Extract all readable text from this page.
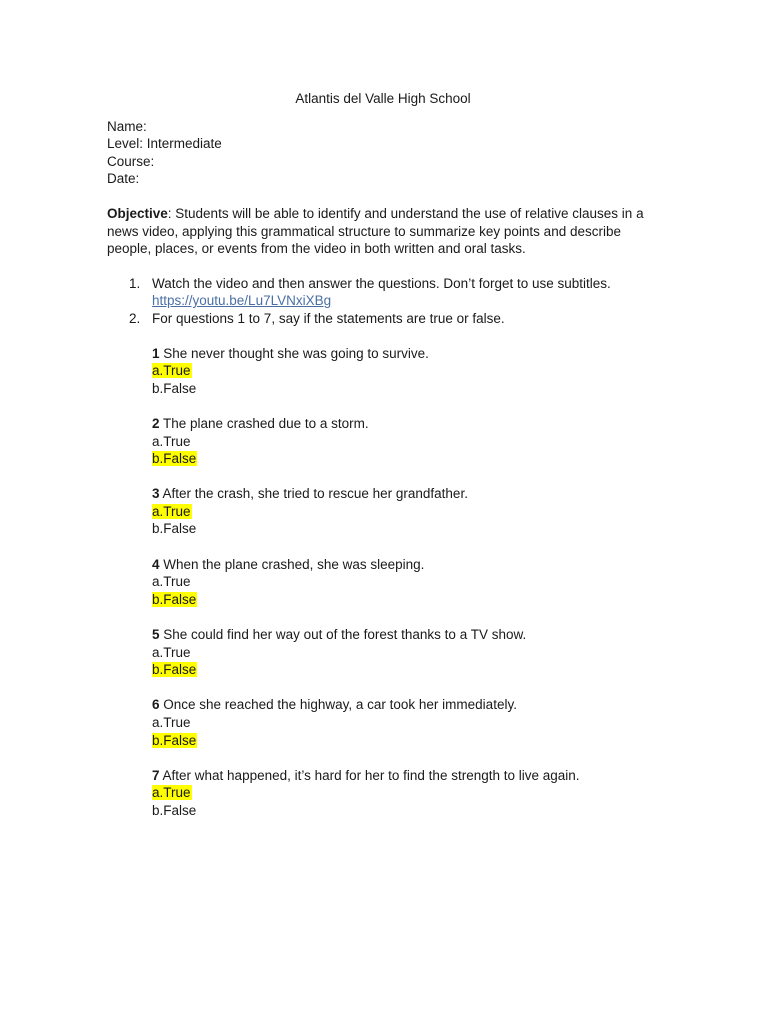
Atlantis del Valle High School
Name:
Level: Intermediate
Course:
Date:
Objective: Students will be able to identify and understand the use of relative clauses in a news video, applying this grammatical structure to summarize key points and describe people, places, or events from the video in both written and oral tasks.
1. Watch the video and then answer the questions. Don’t forget to use subtitles.
https://youtu.be/Lu7LVNxiXBg
2. For questions 1 to 7, say if the statements are true or false.
1 She never thought she was going to survive.
a.True
b.False
2 The plane crashed due to a storm.
a.True
b.False
3 After the crash, she tried to rescue her grandfather.
a.True
b.False
4 When the plane crashed, she was sleeping.
a.True
b.False
5 She could find her way out of the forest thanks to a TV show.
a.True
b.False
6 Once she reached the highway, a car took her immediately.
a.True
b.False
7 After what happened, it’s hard for her to find the strength to live again.
a.True
b.False
